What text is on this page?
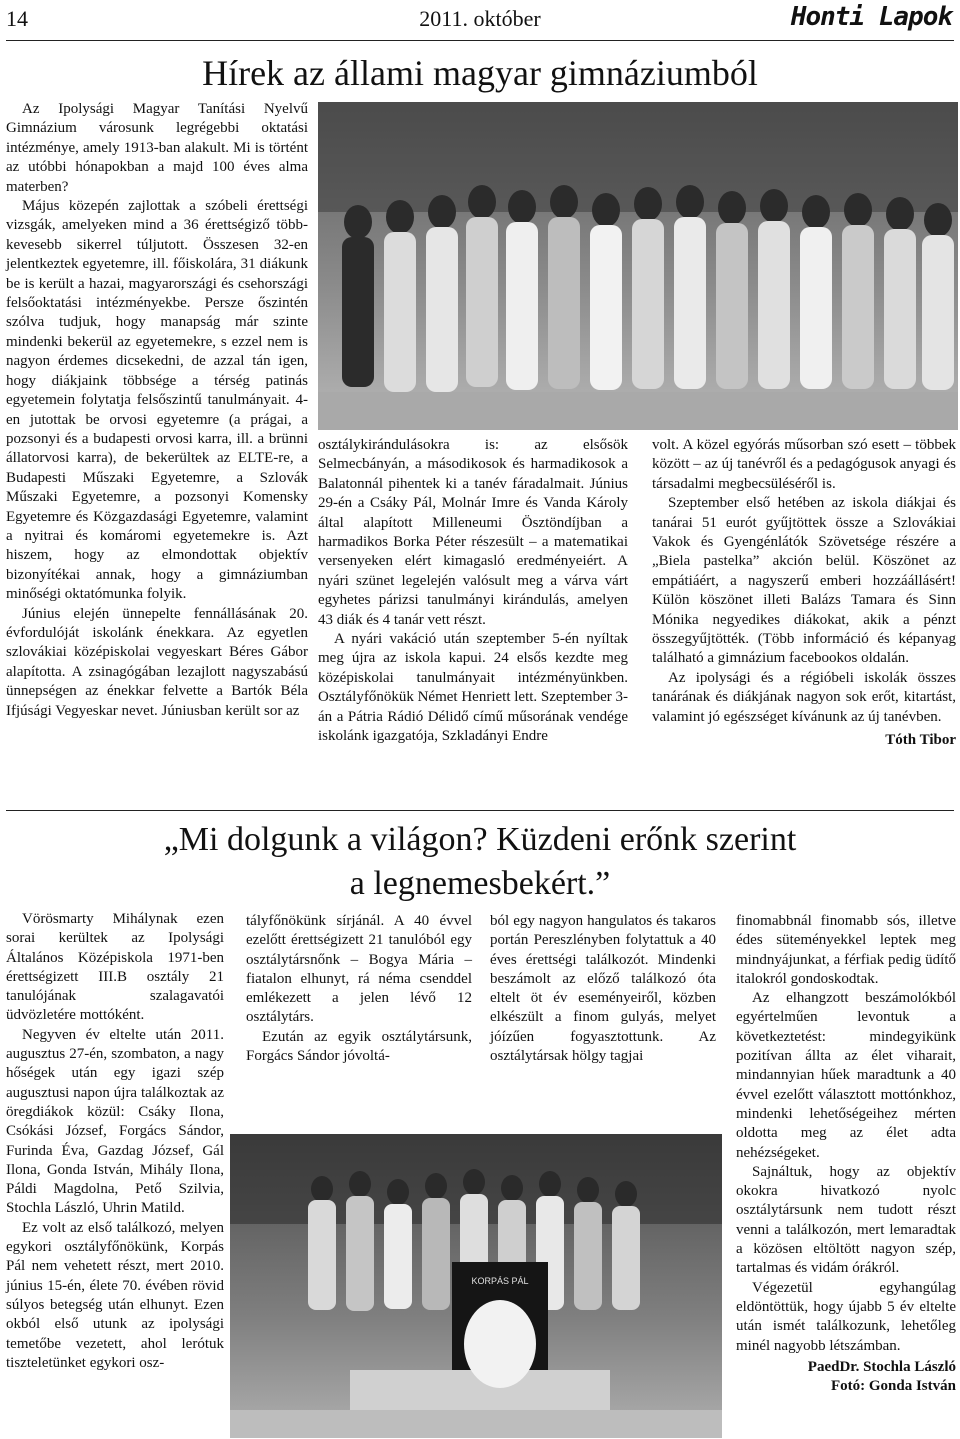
14	2011. október	Honti Lapok
Hírek az állami magyar gimnáziumból

Az Ipolysági Magyar Tanítási Nyelvű Gimnázium városunk legrégebbi oktatási intézménye, amely 1913-ban alakult. Mi is történt az utóbbi hónapokban a majd 100 éves alma materben?

Május közepén zajlottak a szóbeli érettségi vizsgák, amelyeken mind a 36 érettségiző több-kevesebb sikerrel túljutott. Összesen 32-en jelentkeztek egyetemre, ill. főiskolára, 31 diákunk be is került a hazai, magyarországi és csehországi felsőoktatási intézményekbe. Persze őszintén szólva tudjuk, hogy manapság már szinte mindenki bekerül az egyetemekre, s ezzel nem is nagyon érdemes dicsekedni, de azzal tán igen, hogy diákjaink többsége a térség patinás egyetemein folytatja felsőszintű tanulmányait. 4-en jutottak be orvosi egyetemre (a prágai, a pozsonyi és a budapesti orvosi karra, ill. a brünni állatorvosi karra), de bekerültek az ELTE-re, a Budapesti Műszaki Egyetemre, a Szlovák Műszaki Egyetemre, a pozsonyi Komensky Egyetemre és Közgazdasági Egyetemre, valamint a nyitrai és komáromi egyetemekre is. Azt hiszem, hogy az elmondottak objektív bizonyítékai annak, hogy a gimnáziumban minőségi oktatómunka folyik.

Június elején ünnepelte fennállásának 20. évfordulóját iskolánk énekkara. Az egyetlen szlovákiai középiskolai vegyeskart Béres Gábor alapította. A zsinagógában lezajlott nagyszabású ünnepségen az énekkar felvette a Bartók Béla Ifjúsági Vegyeskar nevet. Júniusban került sor az

osztálykirándulásokra is: az elsősök Selmecbányán, a másodikosok és harmadikosok a Balatonnál pihentek ki a tanév fáradalmait. Június 29-én a Csáky Pál, Molnár Imre és Vanda Károly által alapított Milleneumi Ösztöndíjban a harmadikos Borka Péter részesült – a matematikai versenyeken elért kimagasló eredményeiért. A nyári szünet legelején valósult meg a várva várt egyhetes párizsi tanulmányi kirándulás, amelyen 43 diák és 4 tanár vett részt.

A nyári vakáció után szeptember 5-én nyíltak meg újra az iskola kapui. 24 elsős kezdte meg középiskolai tanulmányait intézményünkben. Osztályfőnökük Német Henriett lett. Szeptember 3-án a Pátria Rádió Délidő című műsorának vendége iskolánk igazgatója, Szkladányi Endre

volt. A közel egyórás műsorban szó esett – többek között – az új tanévről és a pedagógusok anyagi és társadalmi megbecsüléséről is.

Szeptember első hetében az iskola diákjai és tanárai 51 eurót gyűjtöttek össze a Szlovákiai Vakok és Gyengénlátók Szövetsége részére a „Biela pastelka” akción belül. Köszönet az empátiáért, a nagyszerű emberi hozzáállásért! Külön köszönet illeti Balázs Tamara és Sinn Mónika negyedikes diákokat, akik a pénzt összegyűjtötték. (Több információ és képanyag található a gimnázium facebookos oldalán.

Az ipolysági és a régióbeli iskolák összes tanárának és diákjának nagyon sok erőt, kitartást, valamint jó egészséget kívánunk az új tanévben.

Tóth Tibor
„Mi dolgunk a világon? Küzdeni erőnk szerint
a legnemesbekért.”

Vörösmarty Mihálynak ezen sorai kerültek az Ipolysági Általános Középiskola 1971-ben érettségizett III.B osztály 21 tanulójának szalagavatói üdvözletére mottóként.

Negyven év eltelte után 2011. augusztus 27-én, szombaton, a nagy hőségek után egy igazi szép augusztusi napon újra találkoztak az öregdiákok közül: Csáky Ilona, Csókási József, Forgács Sándor, Furinda Éva, Gazdag József, Gál Ilona, Gonda István, Mihály Ilona, Páldi Magdolna, Pető Szilvia, Stochla László, Uhrin Matild.

Ez volt az első találkozó, melyen egykori osztályfőnökünk, Korpás Pál nem vehetett részt, mert 2010. június 15-én, élete 70. évében rövid súlyos betegség után elhunyt. Ezen okból első utunk az ipolysági temetőbe vezetett, ahol lerótuk tiszteletünket egykori osz-

tályfőnökünk sírjánál. A 40 évvel ezelőtt érettségizett 21 tanulóból egy osztálytársnőnk – Bogya Mária – fiatalon elhunyt, rá néma csenddel emlékezett a jelen lévő 12 osztálytárs.

Ezután az egyik osztálytársunk, Forgács Sándor jóvoltá-

ból egy nagyon hangulatos és takaros portán Pereszlényben folytattuk a 40 éves érettségi találkozót. Mindenki beszámolt az előző találkozó óta eltelt öt év eseményeiről, közben elkészült a finom gulyás, melyet jóízűen fogyasztottunk. Az osztálytársak hölgy tagjai

finomabbnál finomabb sós, illetve édes süteményekkel leptek meg mindnyájunkat, a férfiak pedig üdítő italokról gondoskodtak.

Az elhangzott beszámolókból egyértelműen levontuk a következtetést: mindegyikünk pozitívan állta az élet viharait, mindannyian hűek maradtunk a 40 évvel ezelőtt választott mottónkhoz, mindenki lehetőségeihez mérten oldotta meg az élet adta nehézségeket.

Sajnáltuk, hogy az objektív okokra hivatkozó nyolc osztálytársunk nem tudott részt venni a találkozón, mert lemaradtak a közösen eltöltött nagyon szép, tartalmas és vidám órákról.

Végezetül egyhangúlag eldöntöttük, hogy újabb 5 év eltelte után ismét találkozunk, lehetőleg minél nagyobb létszámban.

PaedDr. Stochla László
Fotó: Gonda István
KORPÁS PÁL
